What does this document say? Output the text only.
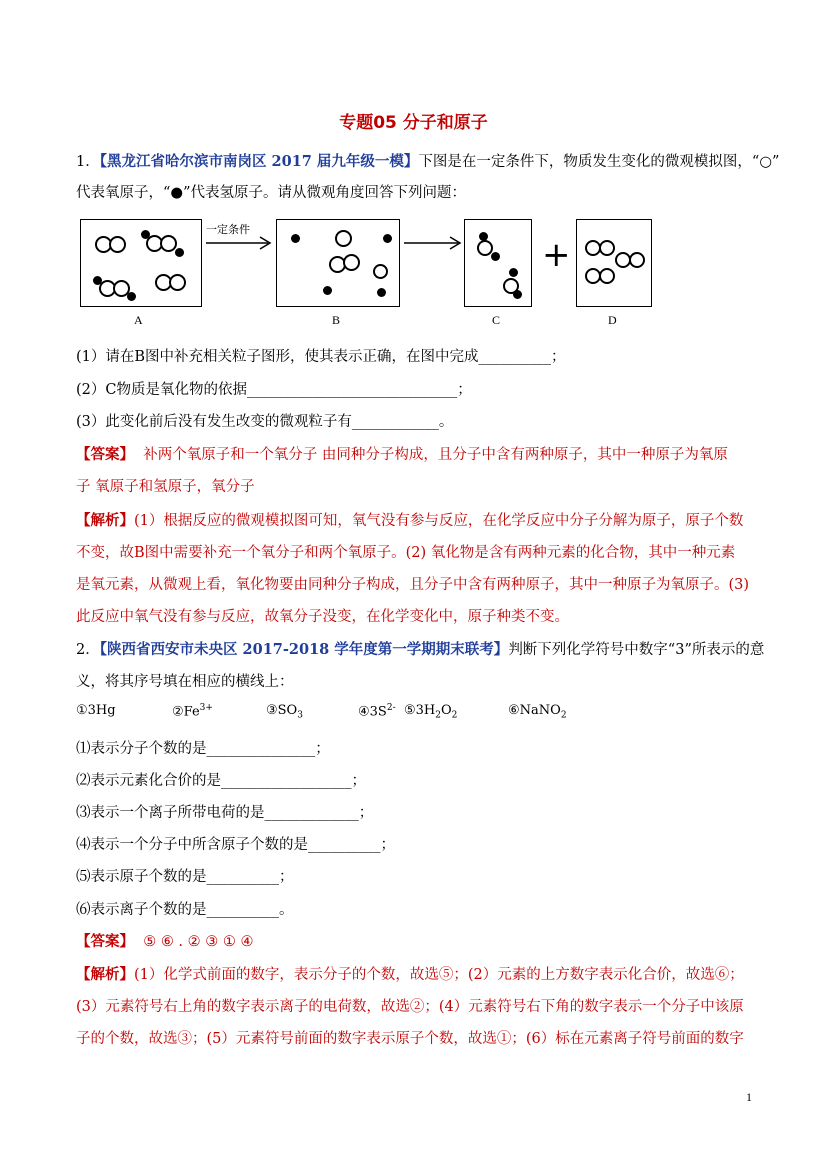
专题05 分子和原子
1．【黑龙江省哈尔滨市南岗区 2017 届九年级一模】下图是在一定条件下，物质发生变化的微观模拟图，“○”
代表氧原子，“●”代表氢原子。请从微观角度回答下列问题：
A
一定条件
B	C
+
D
(1）请在B图中补充相关粒子图形，使其表示正确，在图中完成__________；
(2）C物质是氧化物的依据_____________________________；
(3）此变化前后没有发生改变的微观粒子有____________。
【答案】 补两个氧原子和一个氧分子 由同种分子构成，且分子中含有两种原子，其中一种原子为氧原
子 氧原子和氢原子，氧分子
【解析】(1）根据反应的微观模拟图可知，氧气没有参与反应，在化学反应中分子分解为原子，原子个数
不变，故B图中需要补充一个氧分子和两个氧原子。(2) 氧化物是含有两种元素的化合物，其中一种元素
是氧元素，从微观上看，氧化物要由同种分子构成，且分子中含有两种原子，其中一种原子为氧原子。(3)
此反应中氧气没有参与反应，故氧分子没变，在化学变化中，原子种类不变。
2．【陕西省西安市未央区 2017-2018 学年度第一学期期末联考】判断下列化学符号中数字“3”所表示的意
义，将其序号填在相应的横线上：
①3Hg	$②Fe^{3+}$	$③SO_3$	$④3S^{2-}$ $⑤3H_2O_2$	⑥NaNO$_2$
⑴表示分子个数的是_______________；
⑵表示元素化合价的是__________________；
⑶表示一个离子所带电荷的是_____________；
⑷表示一个分子中所含原子个数的是__________；
⑸表示原子个数的是__________；
⑹表示离子个数的是__________。
【答案】 ⑤ ⑥ . ② ③ ① ④
【解析】(1）化学式前面的数字，表示分子的个数，故选⑤；(2）元素的上方数字表示化合价，故选⑥；
(3）元素符号右上角的数字表示离子的电荷数，故选②；(4）元素符号右下角的数字表示一个分子中该原
子的个数，故选③；(5）元素符号前面的数字表示原子个数，故选①；(6）标在元素离子符号前面的数字
1
